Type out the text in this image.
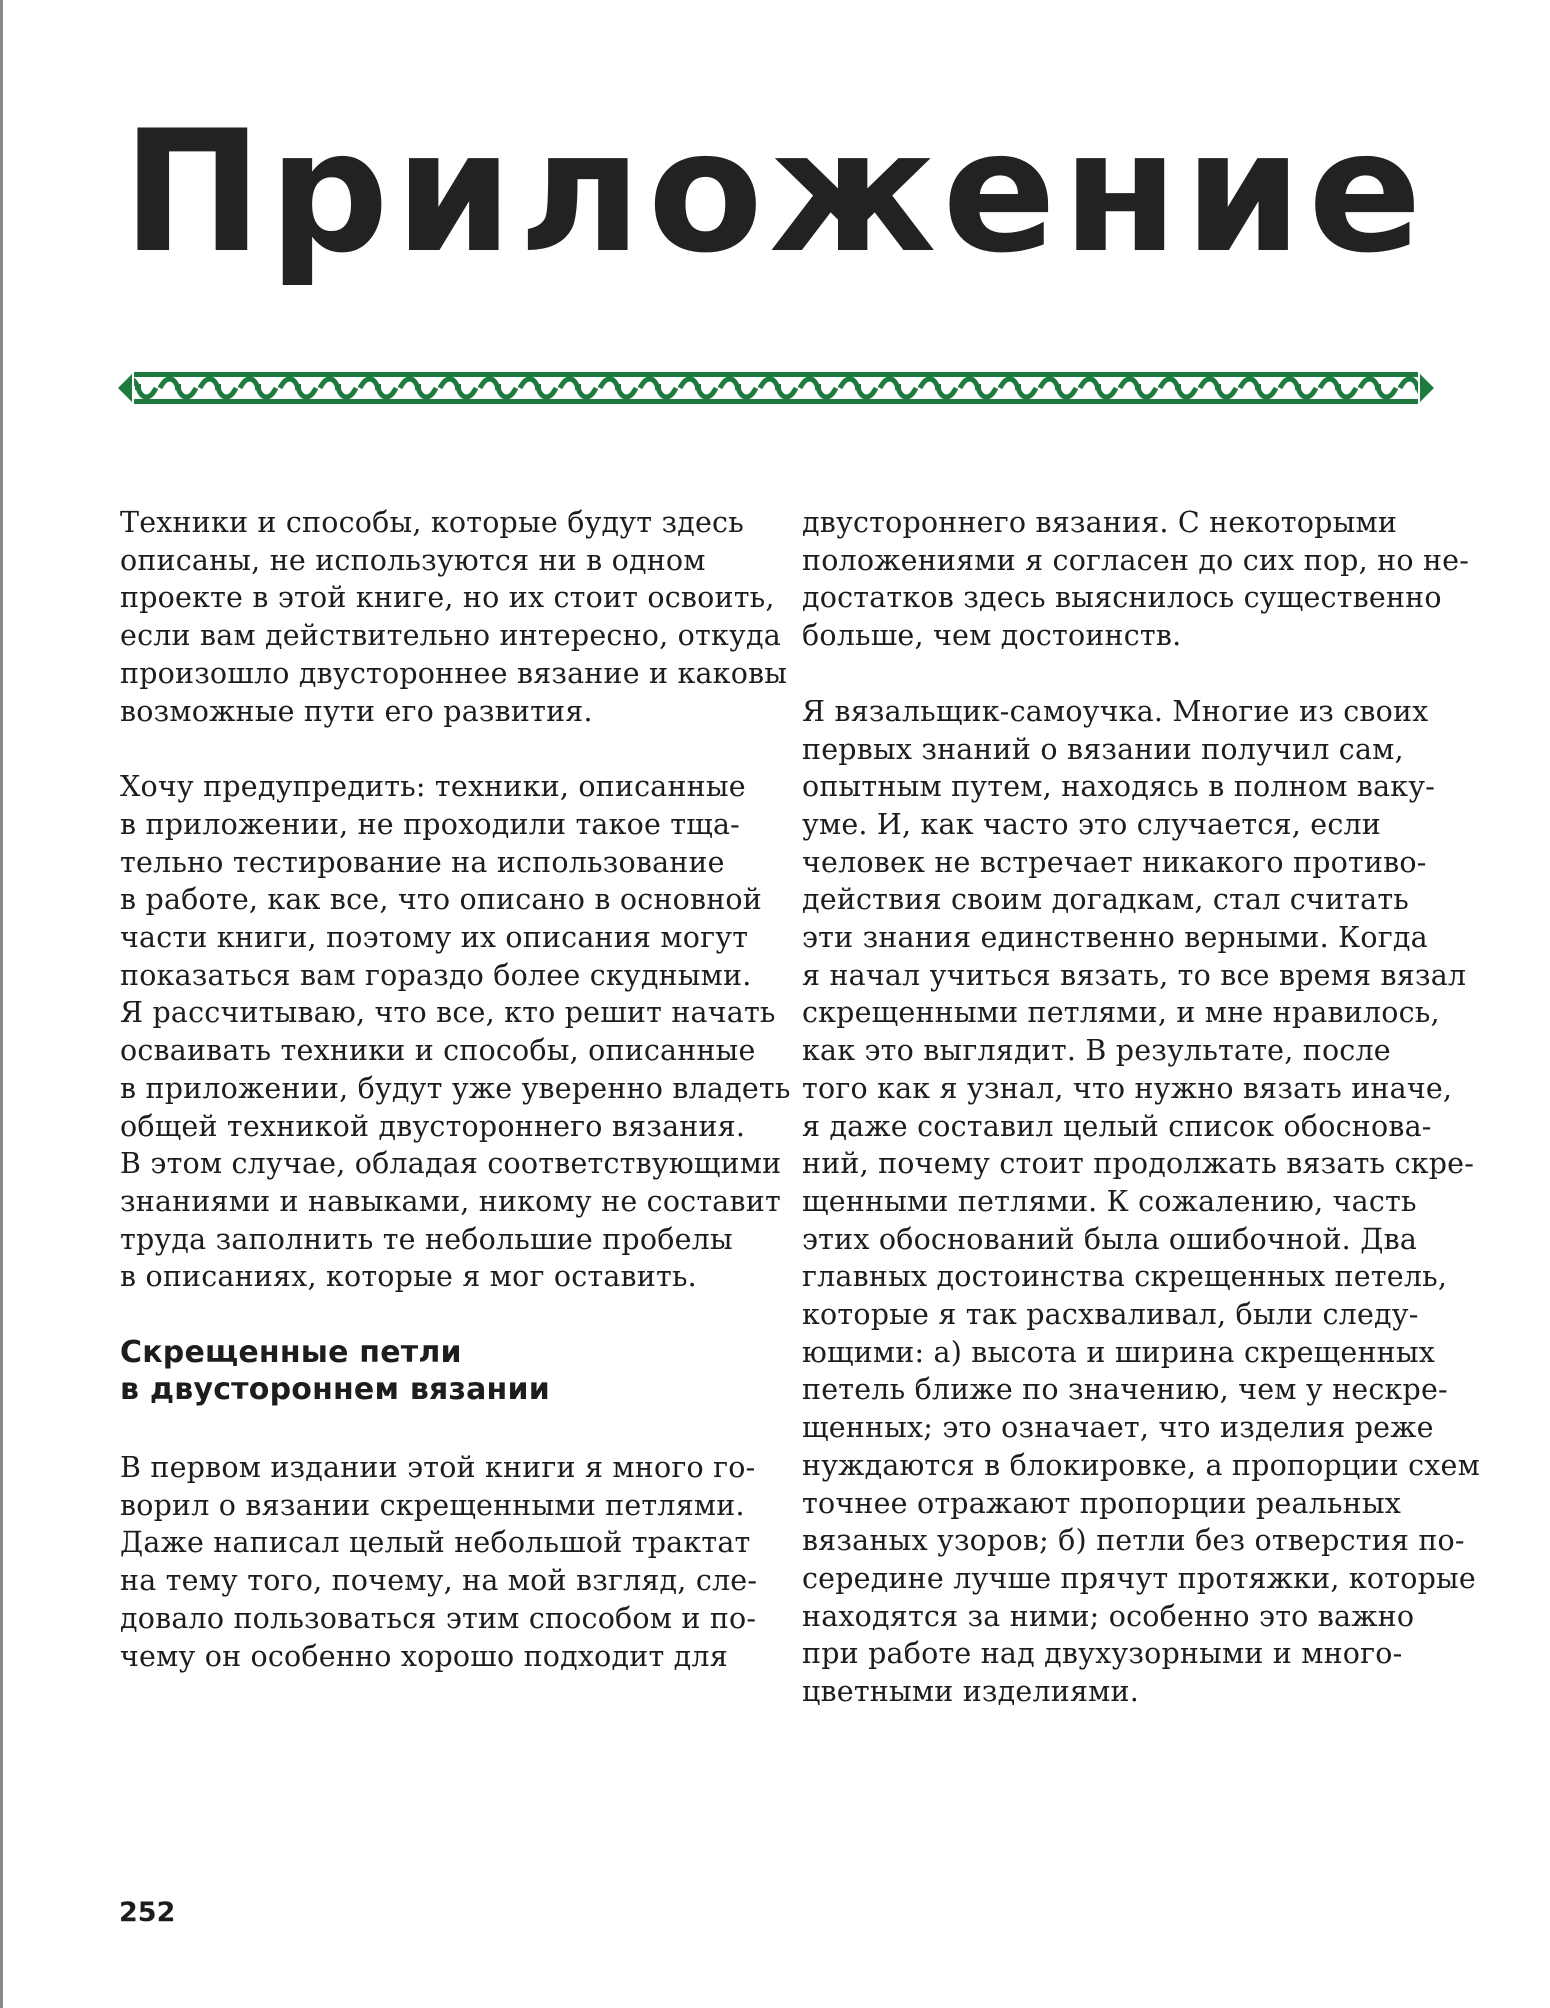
Приложение

Техники и способы, которые будут здесь
описаны, не используются ни в одном
проекте в этой книге, но их стоит освоить,
если вам действительно интересно, откуда
произошло двустороннее вязание и каковы
возможные пути его развития.

Хочу предупредить: техники, описанные
в приложении, не проходили такое тща-
тельно тестирование на использование
в работе, как все, что описано в основной
части книги, поэтому их описания могут
показаться вам гораздо более скудными.
Я рассчитываю, что все, кто решит начать
осваивать техники и способы, описанные
в приложении, будут уже уверенно владеть
общей техникой двустороннего вязания.
В этом случае, обладая соответствующими
знаниями и навыками, никому не составит
труда заполнить те небольшие пробелы
в описаниях, которые я мог оставить.

Скрещенные петли
в двустороннем вязании

В первом издании этой книги я много го-
ворил о вязании скрещенными петлями.
Даже написал целый небольшой трактат
на тему того, почему, на мой взгляд, сле-
довало пользоваться этим способом и по-
чему он особенно хорошо подходит для

двустороннего вязания. С некоторыми
положениями я согласен до сих пор, но не-
достатков здесь выяснилось существенно
больше, чем достоинств.

Я вязальщик-самоучка. Многие из своих
первых знаний о вязании получил сам,
опытным путем, находясь в полном ваку-
уме. И, как часто это случается, если
человек не встречает никакого противо-
действия своим догадкам, стал считать
эти знания единственно верными. Когда
я начал учиться вязать, то все время вязал
скрещенными петлями, и мне нравилось,
как это выглядит. В результате, после
того как я узнал, что нужно вязать иначе,
я даже составил целый список обоснова-
ний, почему стоит продолжать вязать скре-
щенными петлями. К сожалению, часть
этих обоснований была ошибочной. Два
главных достоинства скрещенных петель,
которые я так расхваливал, были следу-
ющими: а) высота и ширина скрещенных
петель ближе по значению, чем у нескре-
щенных; это означает, что изделия реже
нуждаются в блокировке, а пропорции схем
точнее отражают пропорции реальных
вязаных узоров; б) петли без отверстия по-
середине лучше прячут протяжки, которые
находятся за ними; особенно это важно
при работе над двухузорными и много-
цветными изделиями.

252
